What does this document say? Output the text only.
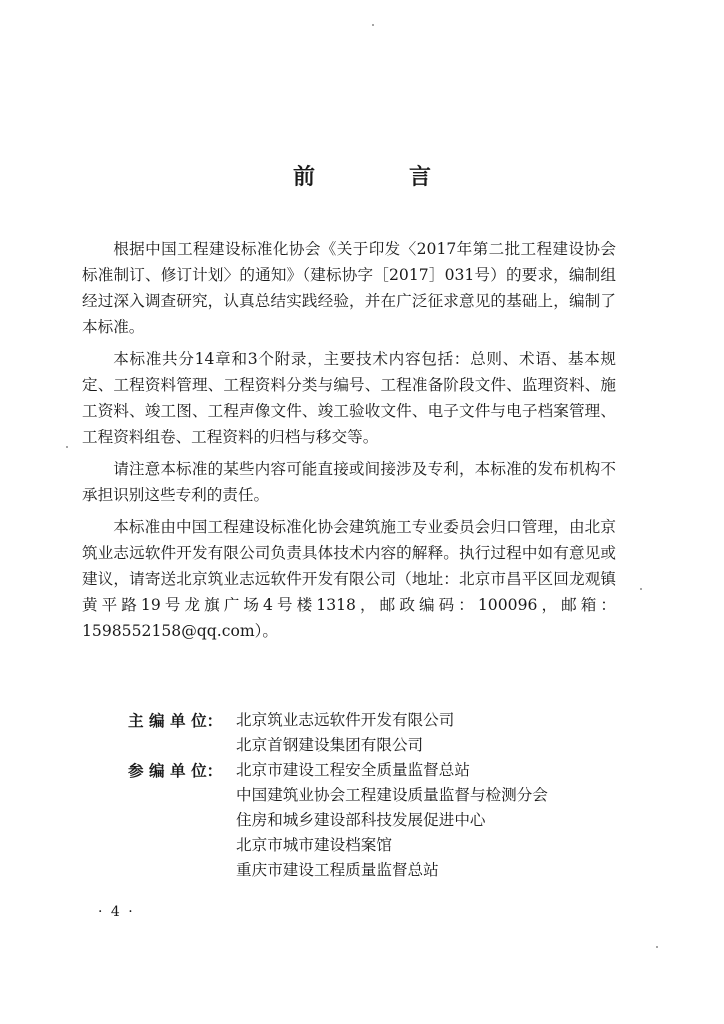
前　言

根据中国工程建设标准化协会《关于印发〈2017年第二批工程建设协会标准制订、修订计划〉的通知》（建标协字［2017］031号）的要求，编制组经过深入调查研究，认真总结实践经验，并在广泛征求意见的基础上，编制了本标准。

本标准共分14章和3个附录，主要技术内容包括：总则、术语、基本规定、工程资料管理、工程资料分类与编号、工程准备阶段文件、监理资料、施工资料、竣工图、工程声像文件、竣工验收文件、电子文件与电子档案管理、工程资料组卷、工程资料的归档与移交等。

请注意本标准的某些内容可能直接或间接涉及专利，本标准的发布机构不承担识别这些专利的责任。

本标准由中国工程建设标准化协会建筑施工专业委员会归口管理，由北京筑业志远软件开发有限公司负责具体技术内容的解释。执行过程中如有意见或建议，请寄送北京筑业志远软件开发有限公司（地址：北京市昌平区回龙观镇黄平路19号龙旗广场4号楼1318，邮政编码：100096，邮箱：1598552158@qq.com）。

主 编 单 位： 北京筑业志远软件开发有限公司
北京首钢建设集团有限公司
参 编 单 位： 北京市建设工程安全质量监督总站
中国建筑业协会工程建设质量监督与检测分会
住房和城乡建设部科技发展促进中心
北京市城市建设档案馆
重庆市建设工程质量监督总站
· 4 ·
